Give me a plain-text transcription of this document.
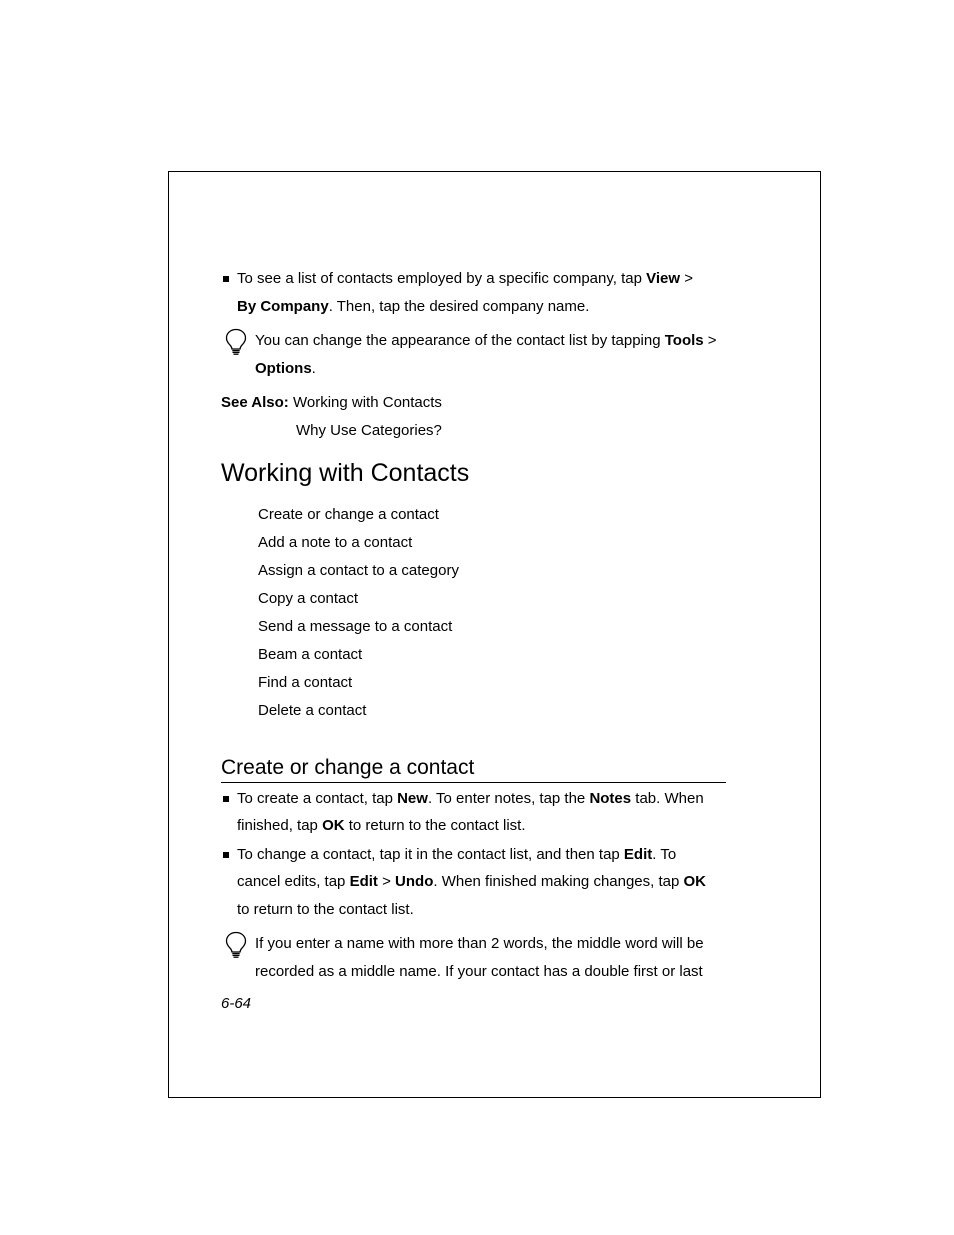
To see a list of contacts employed by a specific company, tap View >
By Company. Then, tap the desired company name.
You can change the appearance of the contact list by tapping Tools >
Options.
See Also: Working with Contacts
Why Use Categories?
Working with Contacts
Create or change a contact
Add a note to a contact
Assign a contact to a category
Copy a contact
Send a message to a contact
Beam a contact
Find a contact
Delete a contact
Create or change a contact
To create a contact, tap New. To enter notes, tap the Notes tab. When
finished, tap OK to return to the contact list.
To change a contact, tap it in the contact list, and then tap Edit. To
cancel edits, tap Edit > Undo. When finished making changes, tap OK
to return to the contact list.
If you enter a name with more than 2 words, the middle word will be
recorded as a middle name. If your contact has a double first or last
6-64
